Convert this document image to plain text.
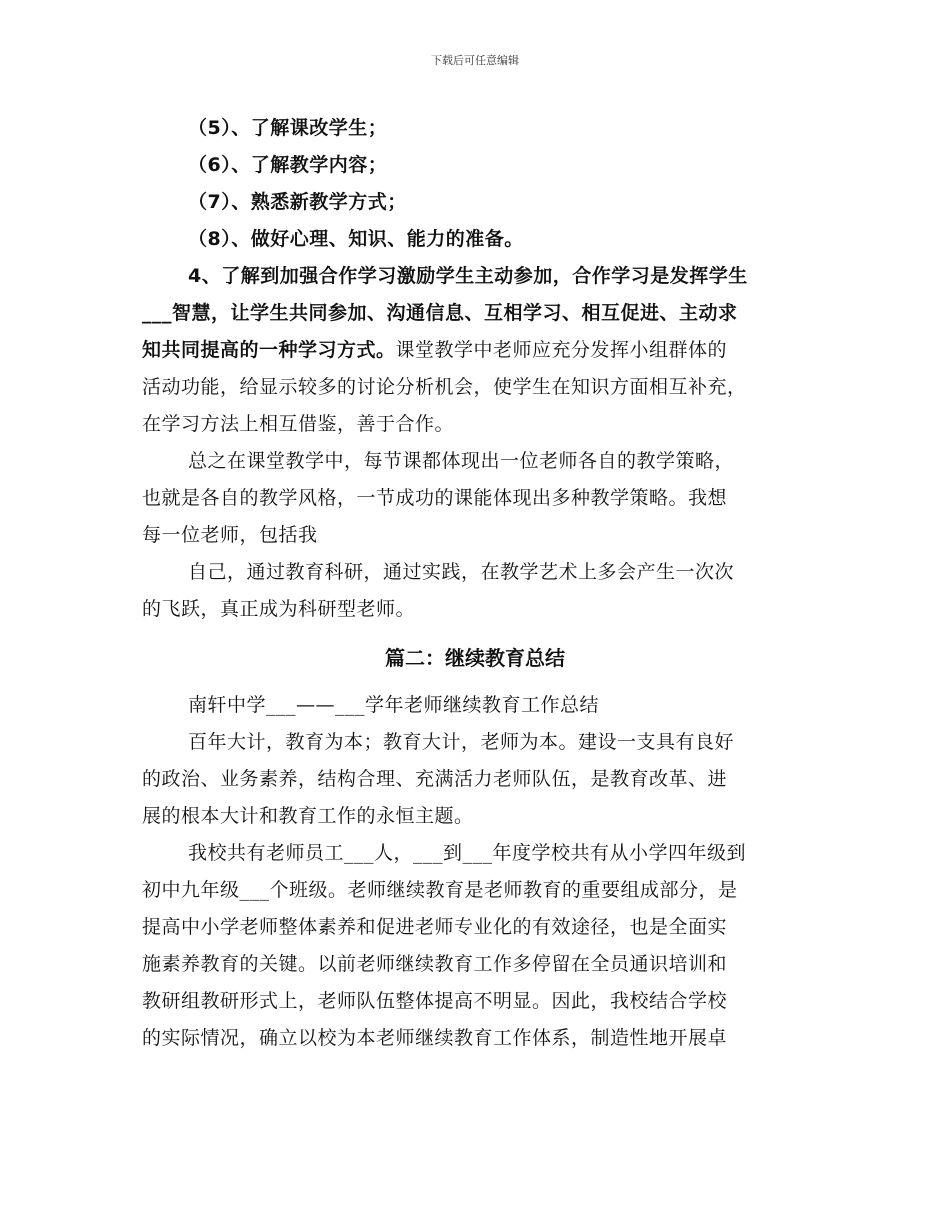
下载后可任意编辑
（5）、了解课改学生；
（6）、了解教学内容；
（7）、熟悉新教学方式；
（8）、做好心理、知识、能力的准备。
4、了解到加强合作学习激励学生主动参加，合作学习是发挥学生
___智慧，让学生共同参加、沟通信息、互相学习、相互促进、主动求
知共同提高的一种学习方式。课堂教学中老师应充分发挥小组群体的
活动功能，给显示较多的讨论分析机会，使学生在知识方面相互补充，
在学习方法上相互借鉴，善于合作。
总之在课堂教学中，每节课都体现出一位老师各自的教学策略，
也就是各自的教学风格，一节成功的课能体现出多种教学策略。我想
每一位老师，包括我
自己，通过教育科研，通过实践，在教学艺术上多会产生一次次
的飞跃，真正成为科研型老师。
篇二：继续教育总结
南轩中学___——___学年老师继续教育工作总结
百年大计，教育为本；教育大计，老师为本。建设一支具有良好
的政治、业务素养，结构合理、充满活力老师队伍，是教育改革、进
展的根本大计和教育工作的永恒主题。
我校共有老师员工___人，___到___年度学校共有从小学四年级到
初中九年级___个班级。老师继续教育是老师教育的重要组成部分，是
提高中小学老师整体素养和促进老师专业化的有效途径，也是全面实
施素养教育的关键。以前老师继续教育工作多停留在全员通识培训和
教研组教研形式上，老师队伍整体提高不明显。因此，我校结合学校
的实际情况，确立以校为本老师继续教育工作体系，制造性地开展卓
